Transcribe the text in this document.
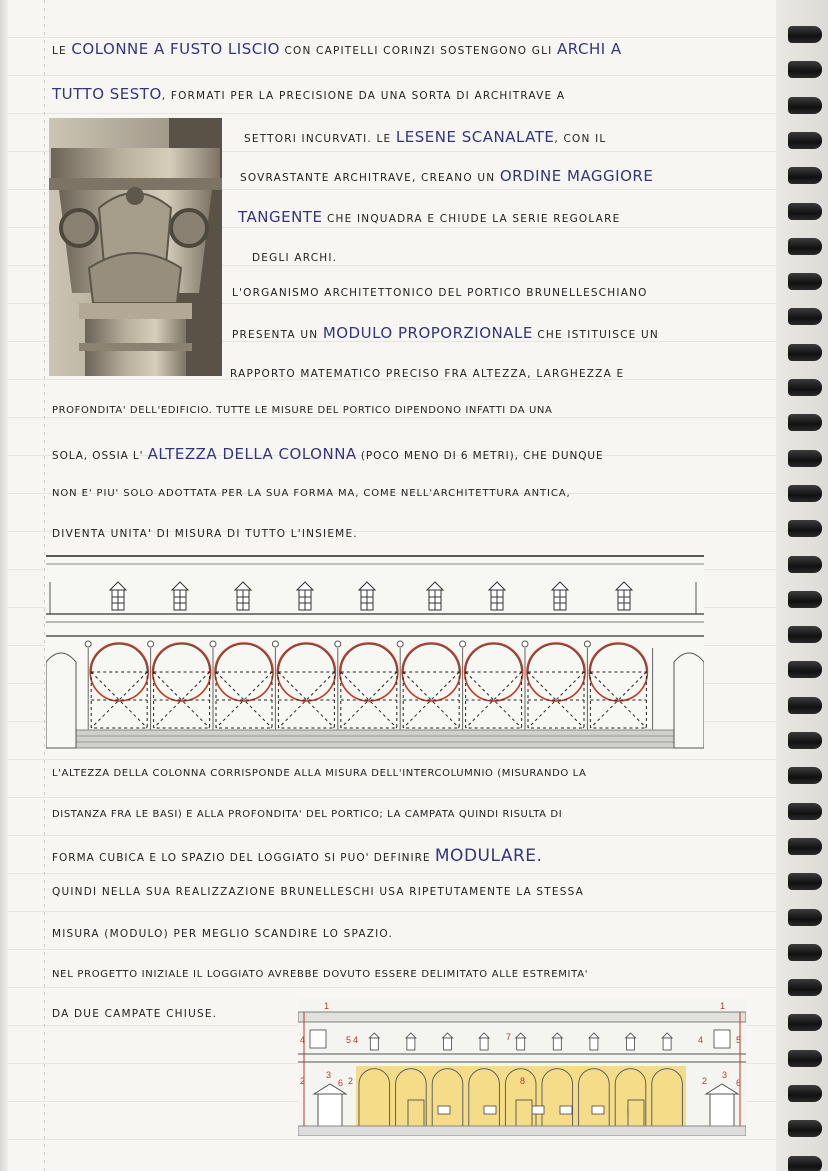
LE COLONNE A FUSTO LISCIO CON CAPITELLI CORINZI SOSTENGONO GLI ARCHI A
TUTTO SESTO, FORMATI PER LA PRECISIONE DA UNA SORTA DI ARCHITRAVE A
SETTORI INCURVATI. LE LESENE SCANALATE, CON IL
SOVRASTANTE ARCHITRAVE, CREANO UN ORDINE MAGGIORE
TANGENTE CHE INQUADRA E CHIUDE LA SERIE REGOLARE
DEGLI ARCHI.
L'ORGANISMO ARCHITETTONICO DEL PORTICO BRUNELLESCHIANO
PRESENTA UN MODULO PROPORZIONALE CHE ISTITUISCE UN
RAPPORTO MATEMATICO PRECISO FRA ALTEZZA, LARGHEZZA E
PROFONDITA' DELL'EDIFICIO. TUTTE LE MISURE DEL PORTICO DIPENDONO INFATTI DA UNA
SOLA, OSSIA L' ALTEZZA DELLA COLONNA (POCO MENO DI 6 METRI), CHE DUNQUE
NON E' PIU' SOLO ADOTTATA PER LA SUA FORMA MA, COME NELL'ARCHITETTURA ANTICA,
DIVENTA UNITA' DI MISURA DI TUTTO L'INSIEME.
L'ALTEZZA DELLA COLONNA CORRISPONDE ALLA MISURA DELL'INTERCOLUMNIO (MISURANDO LA
DISTANZA FRA LE BASI) E ALLA PROFONDITA' DEL PORTICO; LA CAMPATA QUINDI RISULTA DI
FORMA CUBICA E LO SPAZIO DEL LOGGIATO SI PUO' DEFINIRE MODULARE.
QUINDI NELLA SUA REALIZZAZIONE BRUNELLESCHI USA RIPETUTAMENTE LA STESSA
MISURA (MODULO) PER MEGLIO SCANDIRE LO SPAZIO.
NEL PROGETTO INIZIALE IL LOGGIATO AVREBBE DOVUTO ESSERE DELIMITATO ALLE ESTREMITA'
DA DUE CAMPATE CHIUSE.
1	1
4	5 4	7	4	5
2
3
6 2	8	2
3
6
